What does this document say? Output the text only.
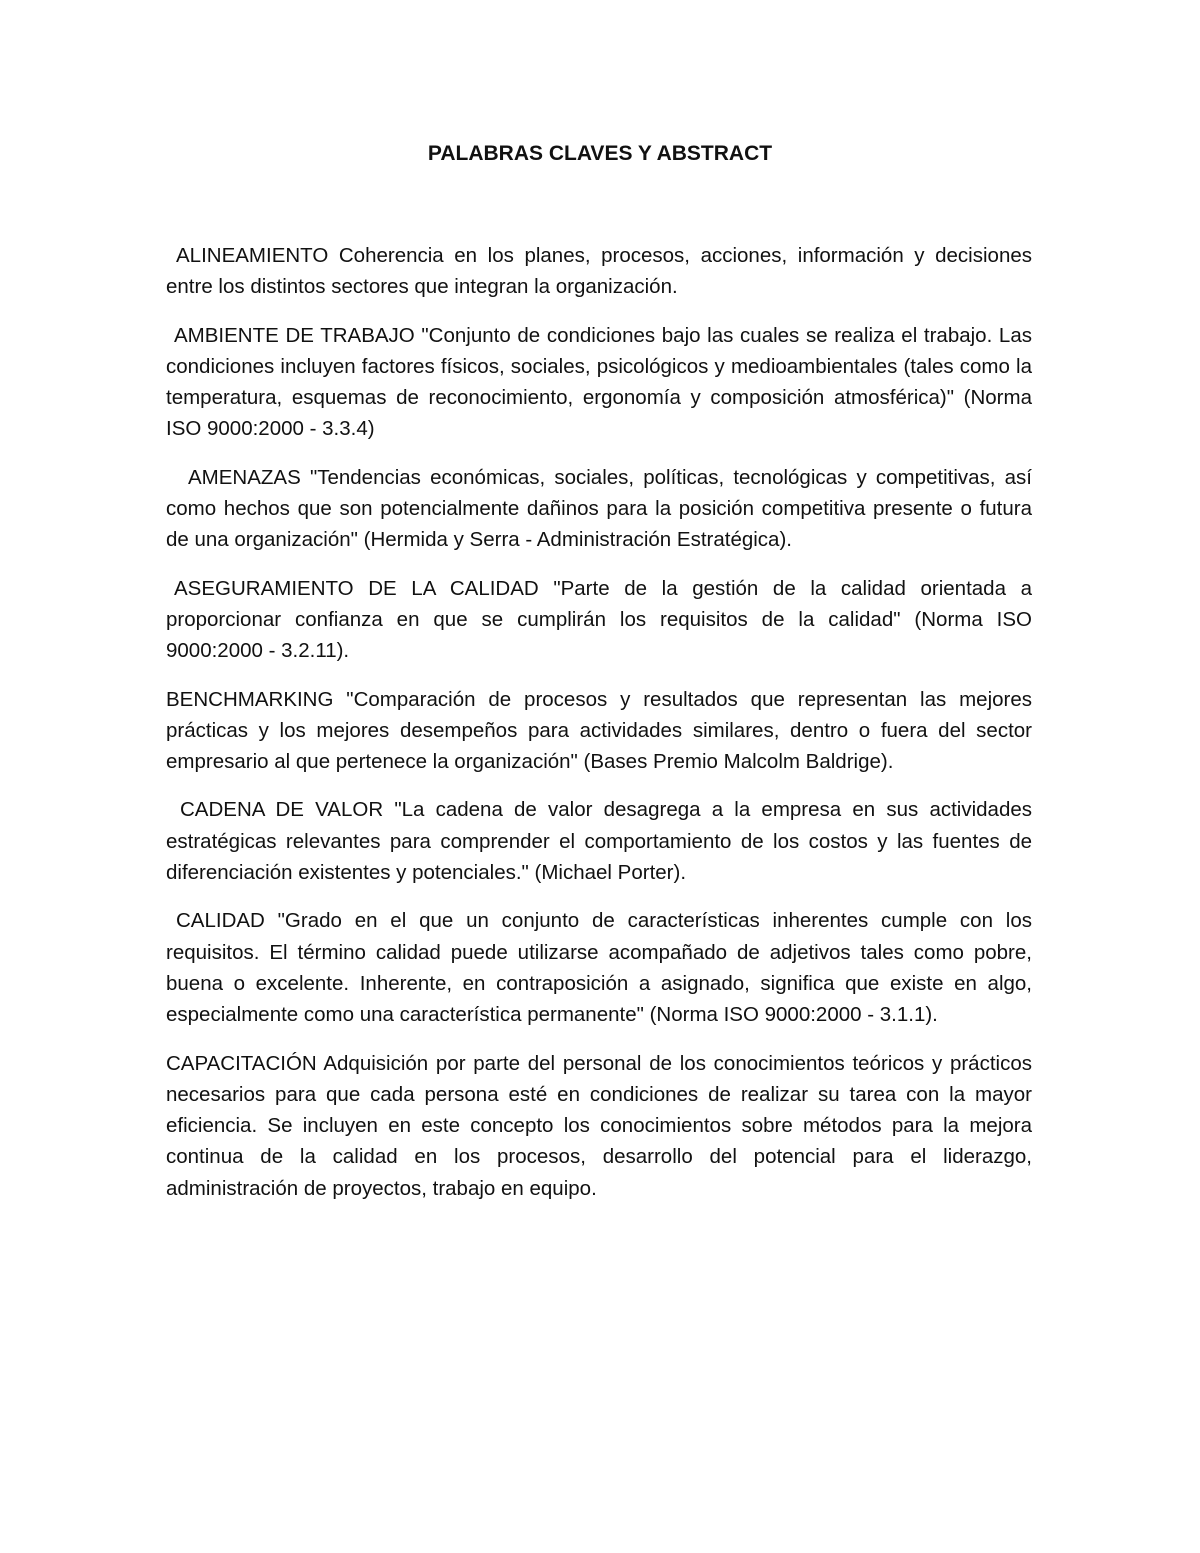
PALABRAS CLAVES Y ABSTRACT

ALINEAMIENTO Coherencia en los planes, procesos, acciones, información y decisiones entre los distintos sectores que integran la organización.

AMBIENTE DE TRABAJO "Conjunto de condiciones bajo las cuales se realiza el trabajo. Las condiciones incluyen factores físicos, sociales, psicológicos y medioambientales (tales como la temperatura, esquemas de reconocimiento, ergonomía y composición atmosférica)" (Norma ISO 9000:2000 - 3.3.4)

AMENAZAS "Tendencias económicas, sociales, políticas, tecnológicas y competitivas, así como hechos que son potencialmente dañinos para la posición competitiva presente o futura de una organización" (Hermida y Serra - Administración Estratégica).

ASEGURAMIENTO DE LA CALIDAD "Parte de la gestión de la calidad orientada a proporcionar confianza en que se cumplirán los requisitos de la calidad" (Norma ISO 9000:2000 - 3.2.11).

BENCHMARKING "Comparación de procesos y resultados que representan las mejores prácticas y los mejores desempeños para actividades similares, dentro o fuera del sector empresario al que pertenece la organización" (Bases Premio Malcolm Baldrige).

CADENA DE VALOR "La cadena de valor desagrega a la empresa en sus actividades estratégicas relevantes para comprender el comportamiento de los costos y las fuentes de diferenciación existentes y potenciales." (Michael Porter).

CALIDAD "Grado en el que un conjunto de características inherentes cumple con los requisitos. El término calidad puede utilizarse acompañado de adjetivos tales como pobre, buena o excelente. Inherente, en contraposición a asignado, significa que existe en algo, especialmente como una característica permanente" (Norma ISO 9000:2000 - 3.1.1).

CAPACITACIÓN Adquisición por parte del personal de los conocimientos teóricos y prácticos necesarios para que cada persona esté en condiciones de realizar su tarea con la mayor eficiencia. Se incluyen en este concepto los conocimientos sobre métodos para la mejora continua de la calidad en los procesos, desarrollo del potencial para el liderazgo, administración de proyectos, trabajo en equipo.
